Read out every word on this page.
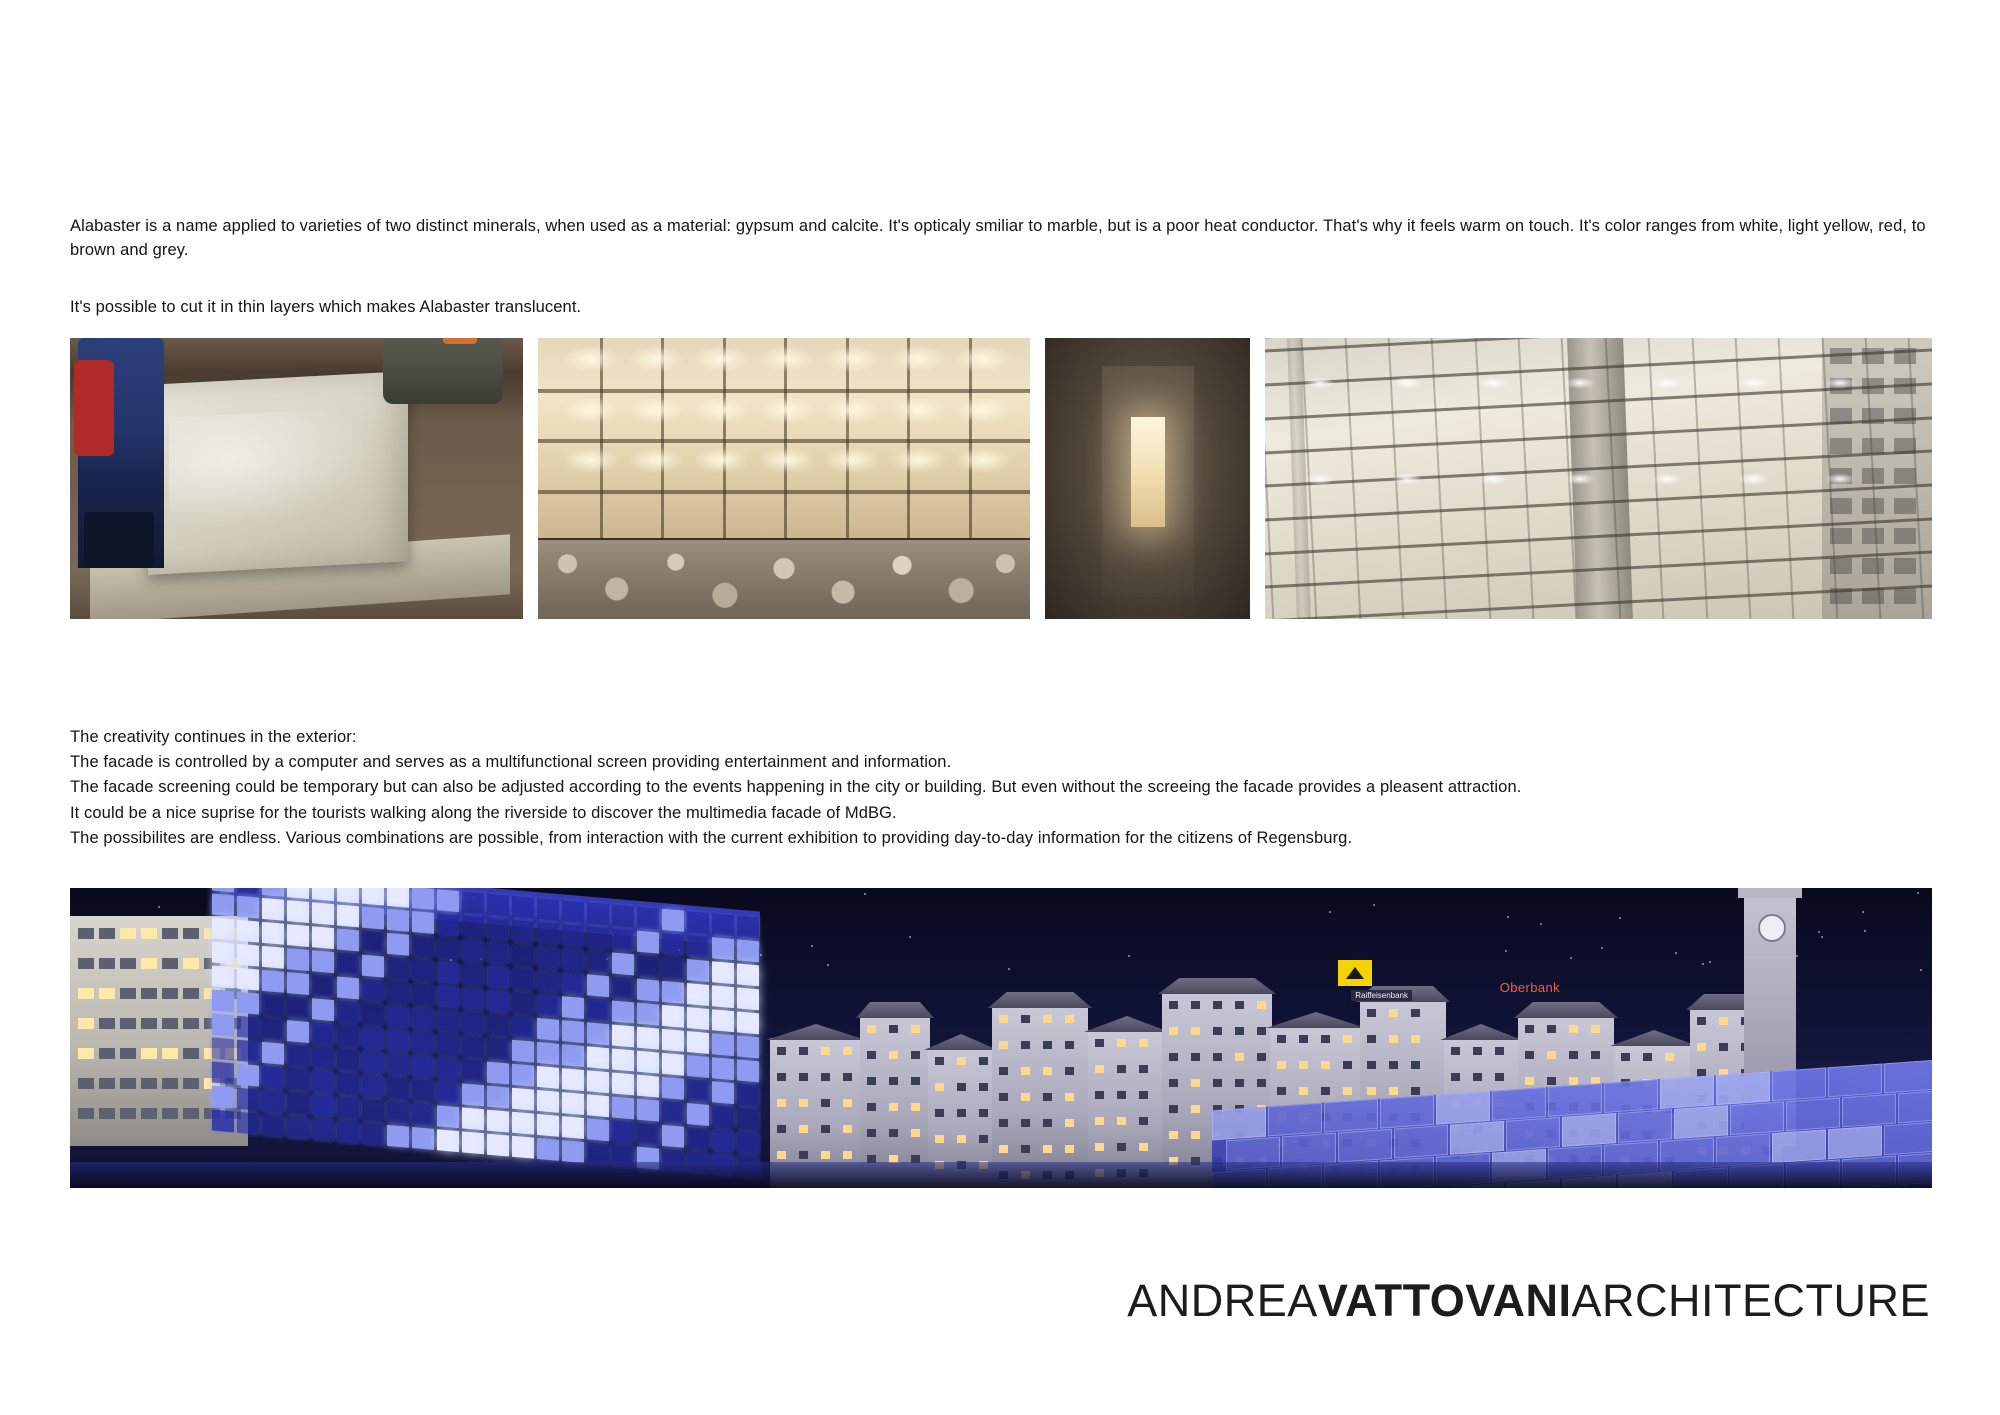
Alabaster is a name applied to varieties of two distinct minerals, when used as a material: gypsum and calcite. It's opticaly smiliar to marble, but is a poor heat conductor. That's why it feels warm on touch. It's color ranges from white, light yellow, red, to brown and grey.

It's possible to cut it in thin layers which makes Alabaster translucent.

The creativity continues in the exterior:

The facade is controlled by a computer and serves as a multifunctional screen providing entertainment and information.

The facade screening could be temporary but can also be adjusted according to the events happening in the city or building. But even without the screeing the facade provides a pleasent attraction.

It could be a nice suprise for the tourists walking along the riverside to discover the multimedia facade of MdBG.

The possibilites are endless. Various combinations are possible, from interaction with the current exhibition to providing day-to-day information for the citizens of Regensburg.

Raiffeisenbank
Oberbank
ANDREAVATTOVANIARCHITECTURE
